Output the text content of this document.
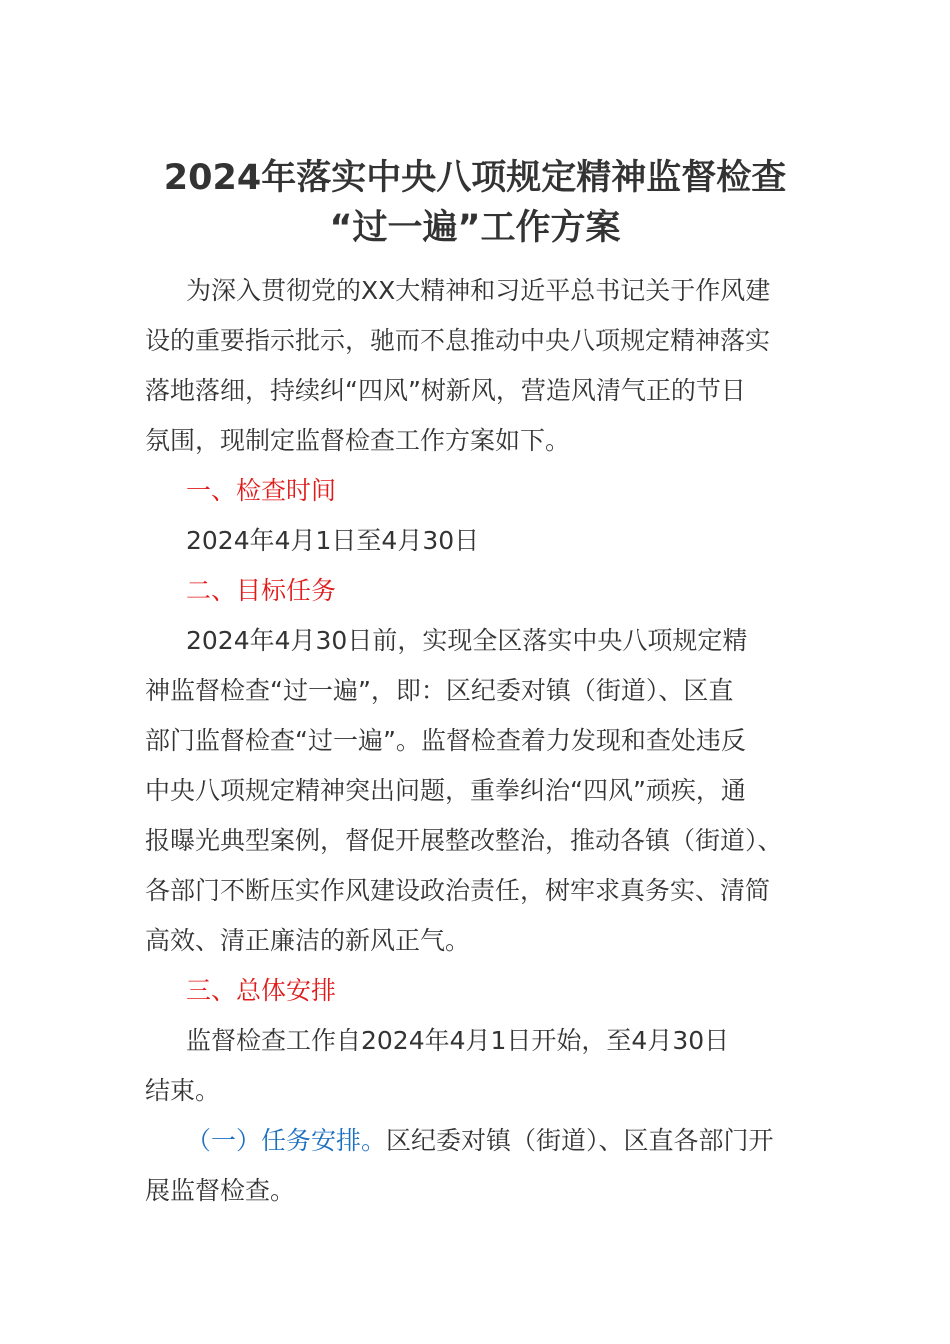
2024年落实中央八项规定精神监督检查
“过一遍”工作方案

为深入贯彻党的XX大精神和习近平总书记关于作风建

设的重要指示批示，驰而不息推动中央八项规定精神落实

落地落细，持续纠“四风”树新风，营造风清气正的节日

氛围，现制定监督检查工作方案如下。

一、检查时间

2024年4月1日至4月30日

二、目标任务

2024年4月30日前，实现全区落实中央八项规定精

神监督检查“过一遍”，即：区纪委对镇（街道）、区直

部门监督检查“过一遍”。监督检查着力发现和查处违反

中央八项规定精神突出问题，重拳纠治“四风”顽疾，通

报曝光典型案例，督促开展整改整治，推动各镇（街道）、

各部门不断压实作风建设政治责任，树牢求真务实、清简

高效、清正廉洁的新风正气。

三、总体安排

监督检查工作自2024年4月1日开始，至4月30日

结束。

（一）任务安排。区纪委对镇（街道）、区直各部门开

展监督检查。
